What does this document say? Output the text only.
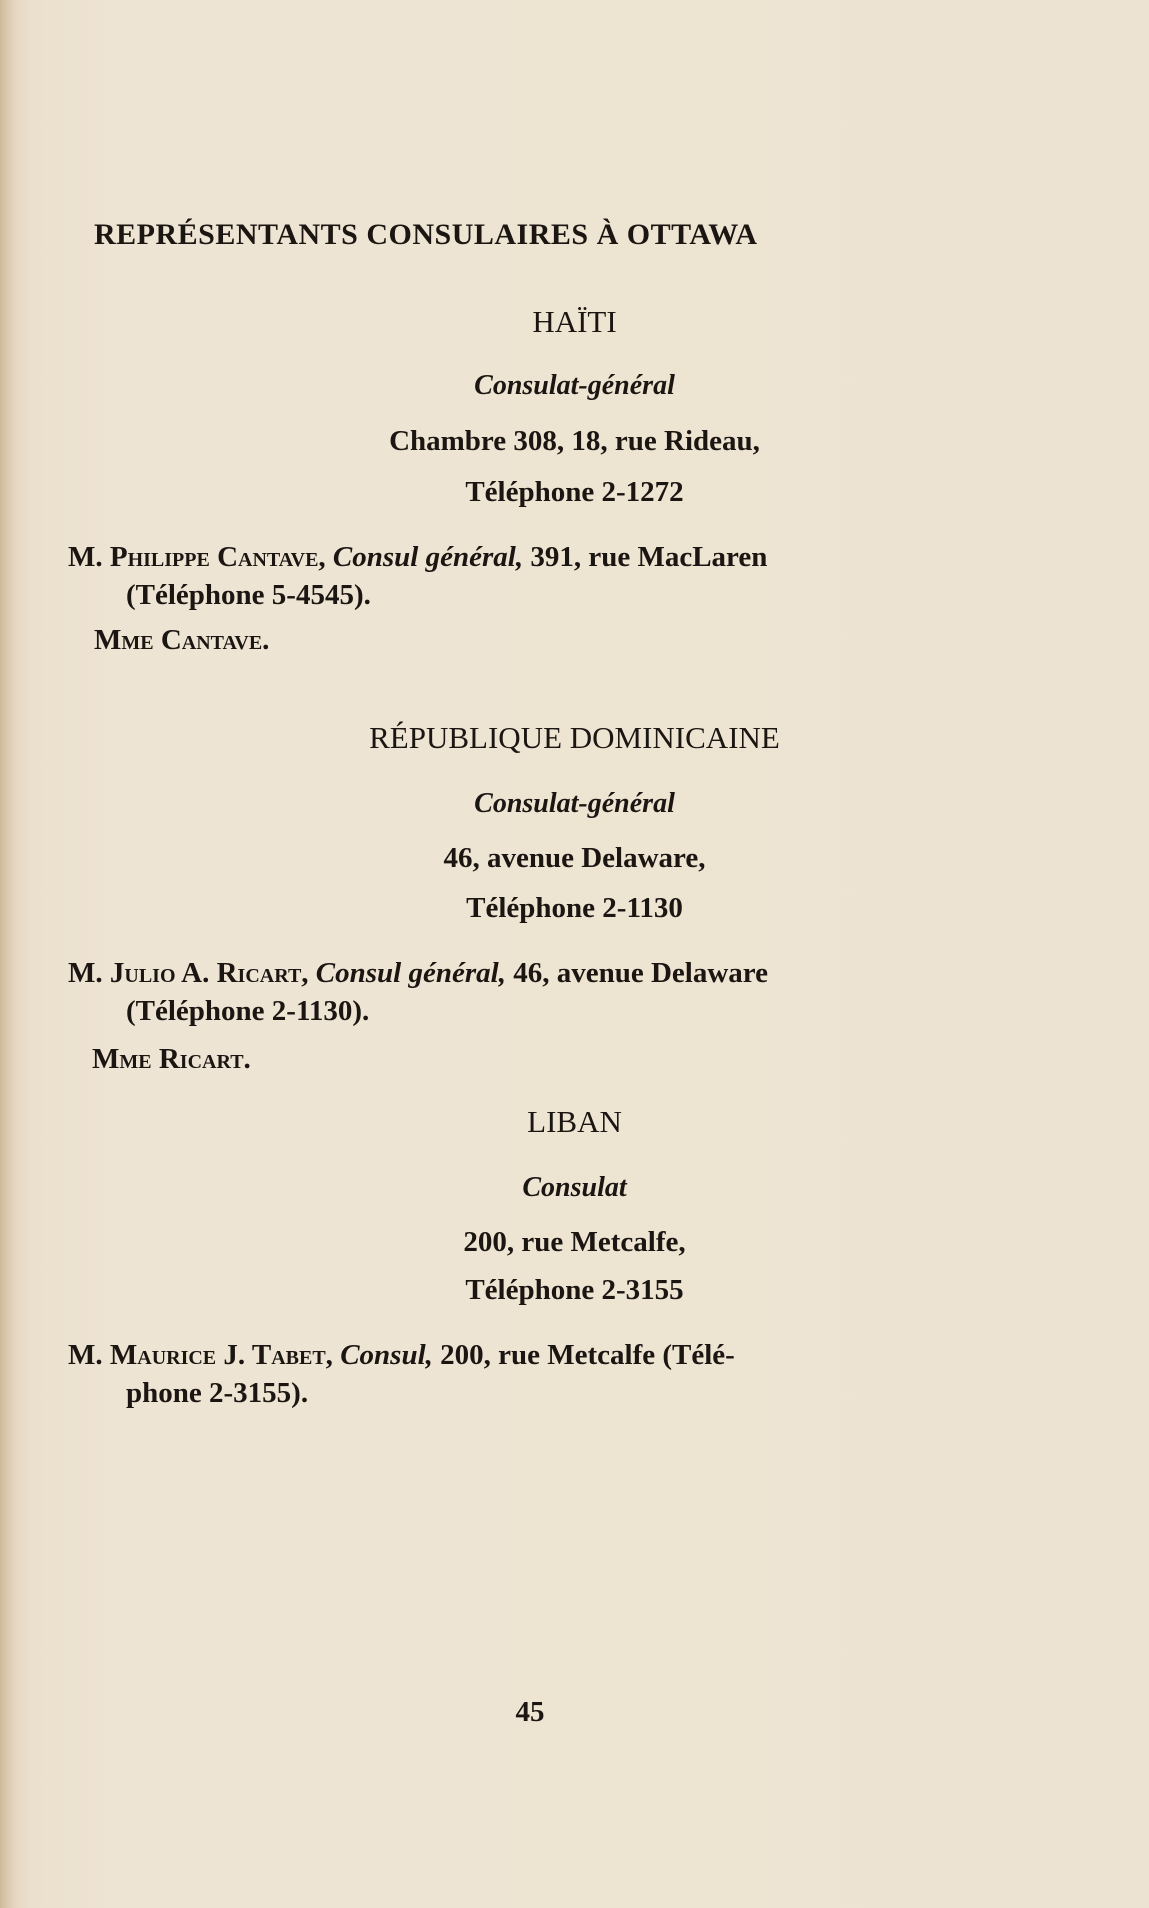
REPRÉSENTANTS CONSULAIRES À OTTAWA
HAÏTI
Consulat-général
Chambre 308, 18, rue Rideau,
Téléphone 2-1272
M. Philippe Cantave, Consul général, 391, rue MacLaren
(Téléphone 5-4545).
Mme Cantave.
RÉPUBLIQUE DOMINICAINE
Consulat-général
46, avenue Delaware,
Téléphone 2-1130
M. Julio A. Ricart, Consul général, 46, avenue Delaware
(Téléphone 2-1130).
Mme Ricart.
LIBAN
Consulat
200, rue Metcalfe,
Téléphone 2-3155
M. Maurice J. Tabet, Consul, 200, rue Metcalfe (Télé-
phone 2-3155).
45
